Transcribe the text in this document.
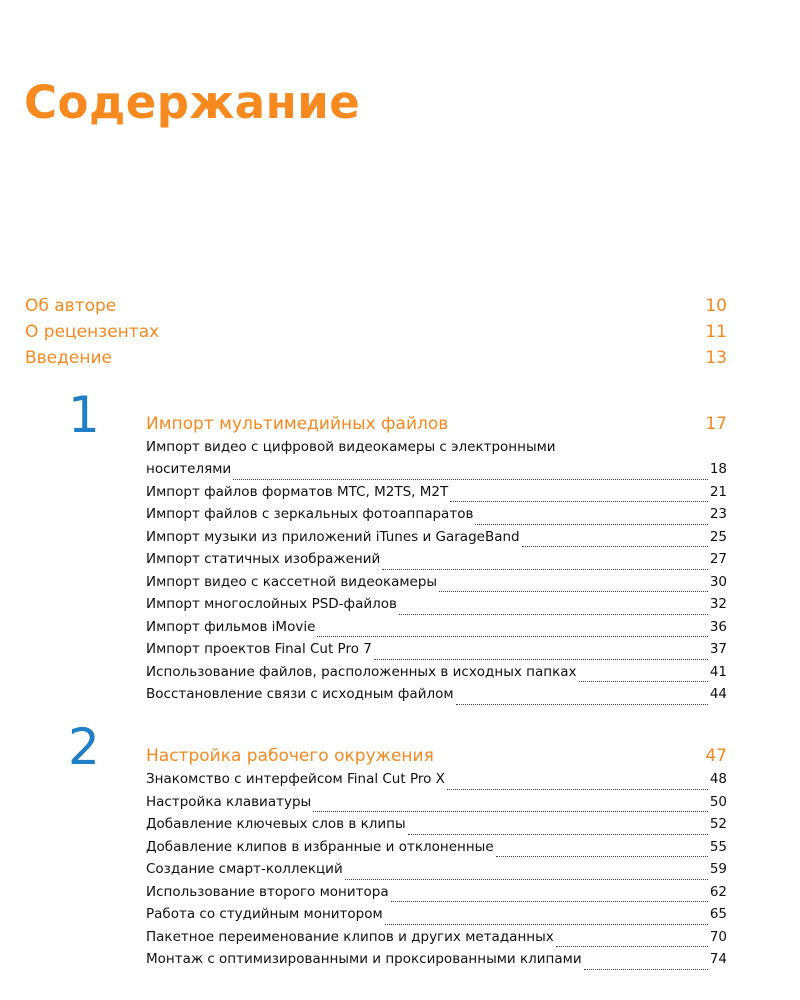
Содержание
Об авторе	10
О рецензентах	11
Введение	13
1	Импорт мультимедийных файлов	17
Импорт видео с цифровой видеокамеры с электронными
носителями	18
Импорт файлов форматов MTC, M2TS, M2T	21
Импорт файлов с зеркальных фотоаппаратов	23
Импорт музыки из приложений iTunes и GarageBand	25
Импорт статичных изображений	27
Импорт видео с кассетной видеокамеры	30
Импорт многослойных PSD-файлов	32
Импорт фильмов iMovie	36
Импорт проектов Final Cut Pro 7	37
Использование файлов, расположенных в исходных папках	41
Восстановление связи с исходным файлом	44
2	Настройка рабочего окружения	47
Знакомство с интерфейсом Final Cut Pro X	48
Настройка клавиатуры	50
Добавление ключевых слов в клипы	52
Добавление клипов в избранные и отклоненные	55
Создание смарт-коллекций	59
Использование второго монитора	62
Работа со студийным монитором	65
Пакетное переименование клипов и других метаданных	70
Монтаж с оптимизированными и проксированными клипами	74
